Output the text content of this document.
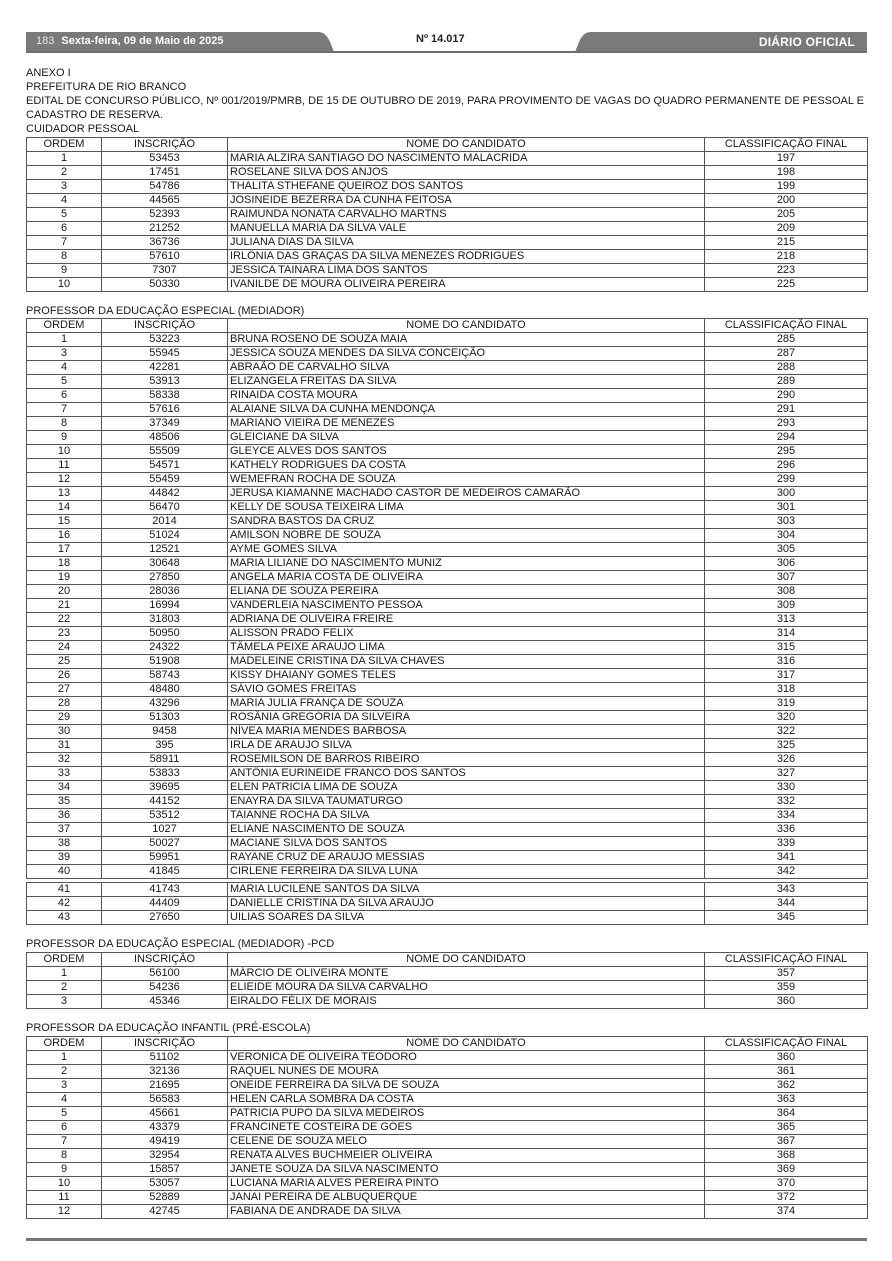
183 Sexta-feira, 09 de Maio de 2025	Nº 14.017	DIÁRIO OFICIAL
ANEXO I
PREFEITURA DE RIO BRANCO
EDITAL DE CONCURSO PÚBLICO, Nº 001/2019/PMRB, DE 15 DE OUTUBRO DE 2019, PARA PROVIMENTO DE VAGAS DO QUADRO PERMANENTE DE PESSOAL E CADASTRO DE RESERVA.
CUIDADOR PESSOAL
ORDEM	INSCRIÇÃO	NOME DO CANDIDATO	CLASSIFICAÇÃO FINAL
1	53453	MARIA ALZIRA SANTIAGO DO NASCIMENTO MALACRIDA	197
2	17451	ROSELANE SILVA DOS ANJOS	198
3	54786	THALITA STHEFANE QUEIROZ DOS SANTOS	199
4	44565	JOSINEIDE BEZERRA DA CUNHA FEITOSA	200
5	52393	RAIMUNDA NONATA CARVALHO MARTNS	205
6	21252	MANUELLA MARIA DA SILVA VALE	209
7	36736	JULIANA DIAS DA SILVA	215
8	57610	IRLÔNIA DAS GRAÇAS DA SILVA MENEZES RODRIGUES	218
9	7307	JESSICA TAINARA LIMA DOS SANTOS	223
10	50330	IVANILDE DE MOURA OLIVEIRA PEREIRA	225
PROFESSOR DA EDUCAÇÃO ESPECIAL (MEDIADOR)
ORDEM	INSCRIÇÃO	NOME DO CANDIDATO	CLASSIFICAÇÃO FINAL
1	53223	BRUNA ROSENO DE SOUZA MAIA	285
3	55945	JESSICA SOUZA MENDES DA SILVA CONCEIÇÃO	287
4	42281	ABRAÃO DE CARVALHO SILVA	288
5	53913	ELIZANGELA FREITAS DA SILVA	289
6	58338	RINAIDA COSTA MOURA	290
7	57616	ALAIANE SILVA DA CUNHA MENDONÇA	291
8	37349	MARIANO VIEIRA DE MENEZES	293
9	48506	GLEICIANE DA SILVA	294
10	55509	GLEYCE ALVES DOS SANTOS	295
11	54571	KATHELY RODRIGUES DA COSTA	296
12	55459	WEMEFRAN ROCHA DE SOUZA	299
13	44842	JERUSA KIAMANNE MACHADO CASTOR DE MEDEIROS CAMARÃO	300
14	56470	KELLY DE SOUSA TEIXEIRA LIMA	301
15	2014	SANDRA BASTOS DA CRUZ	303
16	51024	AMILSON NOBRE DE SOUZA	304
17	12521	AYME GOMES SILVA	305
18	30648	MARIA LILIANE DO NASCIMENTO MUNIZ	306
19	27850	ANGELA MARIA COSTA DE OLIVEIRA	307
20	28036	ELIANA DE SOUZA PEREIRA	308
21	16994	VANDERLEIA NASCIMENTO PESSOA	309
22	31803	ADRIANA DE OLIVEIRA FREIRE	313
23	50950	ALISSON PRADO FELIX	314
24	24322	TÂMELA PEIXE ARAUJO LIMA	315
25	51908	MADELEINE CRISTINA DA SILVA CHAVES	316
26	58743	KISSY DHAIANY GOMES TELES	317
27	48480	SÁVIO GOMES FREITAS	318
28	43296	MARIA JULIA FRANÇA DE SOUZA	319
29	51303	ROSÂNIA GREGÓRIA DA SILVEIRA	320
30	9458	NÍVEA MARIA MENDES BARBOSA	322
31	395	IRLA DE ARAUJO SILVA	325
32	58911	ROSEMILSON DE BARROS RIBEIRO	326
33	53833	ANTÔNIA EURINEIDE FRANCO DOS SANTOS	327
34	39695	ELEN PATRICIA LIMA DE SOUZA	330
35	44152	ENAYRA DA SILVA TAUMATURGO	332
36	53512	TAIANNE ROCHA DA SILVA	334
37	1027	ELIANE NASCIMENTO DE SOUZA	336
38	50027	MACIANE SILVA DOS SANTOS	339
39	59951	RAYANE CRUZ DE ARAÚJO MESSIAS	341
40	41845	CIRLENE FERREIRA DA SILVA LUNA	342
41	41743	MARIA LUCILENE SANTOS DA SILVA	343
42	44409	DANIELLE CRISTINA DA SILVA ARAÚJO	344
43	27650	UILIAS SOARES DA SILVA	345
PROFESSOR DA EDUCAÇÃO ESPECIAL (MEDIADOR) -PCD
ORDEM	INSCRIÇÃO	NOME DO CANDIDATO	CLASSIFICAÇÃO FINAL
1	56100	MÁRCIO DE OLIVEIRA MONTE	357
2	54236	ELIEIDE MOURA DA SILVA CARVALHO	359
3	45346	EIRALDO FÉLIX DE MORAIS	360
PROFESSOR DA EDUCAÇÃO INFANTIL (PRÉ-ESCOLA)
ORDEM	INSCRIÇÃO	NOME DO CANDIDATO	CLASSIFICAÇÃO FINAL
1	51102	VERONICA DE OLIVEIRA TEODORO	360
2	32136	RAQUEL NUNES DE MOURA	361
3	21695	ONEIDE FERREIRA DA SILVA DE SOUZA	362
4	56583	HELEN CARLA SOMBRA DA COSTA	363
5	45661	PATRICIA PUPO DA SILVA MEDEIROS	364
6	43379	FRANCINETE COSTEIRA DE GÓES	365
7	49419	CELENE DE SOUZA MELO	367
8	32954	RENATA ALVES BUCHMEIER OLIVEIRA	368
9	15857	JANETE SOUZA DA SILVA NASCIMENTO	369
10	53057	LUCIANA MARIA ALVES PEREIRA PINTO	370
11	52889	JANAI PEREIRA DE ALBUQUERQUE	372
12	42745	FABIANA DE ANDRADE DA SILVA	374
